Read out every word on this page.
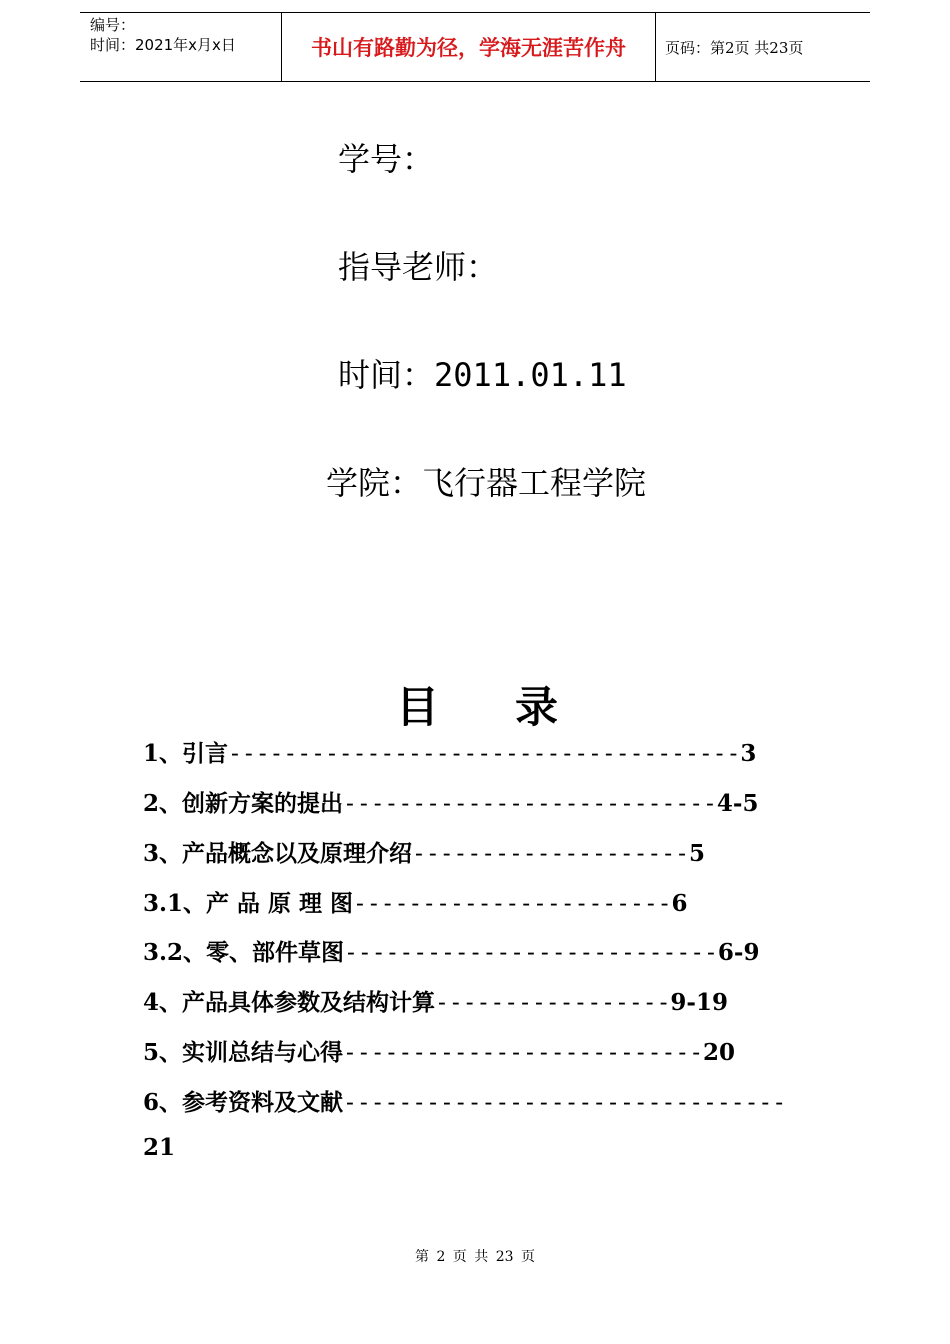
编号：
时间：2021年x月x日	书山有路勤为径，学海无涯苦作舟	页码：第2页 共23页
学号：
指导老师：
时间：2011.01.11
学院：飞行器工程学院
目 录
1、引言-------------------------------------3
2、创新方案的提出---------------------------4-5
3、产品概念以及原理介绍--------------------5
3.1、产 品 原 理 图-----------------------6
3.2、零、部件草图---------------------------6-9
4、产品具体参数及结构计算-----------------9-19
5、实训总结与心得--------------------------20
6、参考资料及文献--------------------------------
21
第 2 页 共 23 页
